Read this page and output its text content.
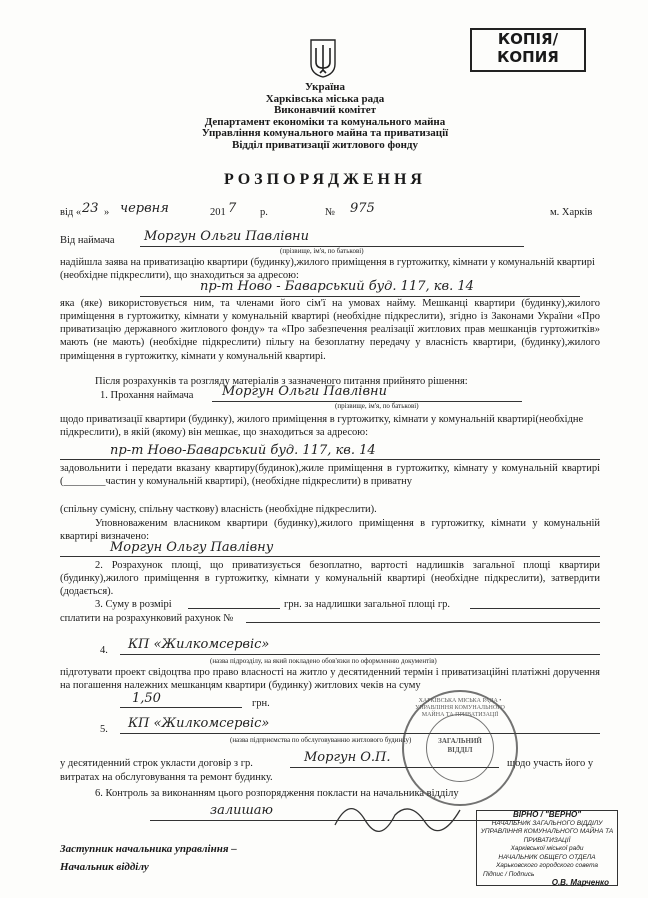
КОПІЯ/
КОПИЯ
Україна
Харківська міська рада
Виконавчий комітет
Департамент економіки та комунального майна
Управління комунального майна та приватизації
Відділ приватизації житлового фонду
РОЗПОРЯДЖЕННЯ
від « 23 » червня	201 7 р.	№ 975	м. Харків
Від наймача	Моргун Ольги Павлівни
(прізвище, ім'я, по батькові)
надійшла заява на приватизацію квартири (будинку),жилого приміщення в гуртожитку, кімнати у комунальній квартирі (необхідне підкреслити), що знаходиться за адресою:
пр-т Ново - Баварський буд. 117, кв. 14
яка (яке) використовується ним, та членами його сім'ї на умовах найму. Мешканці квартири (будинку),жилого приміщення в гуртожитку, кімнати у комунальній квартирі (необхідне підкреслити), згідно із Законами України «Про приватизацію державного житлового фонду» та «Про забезпечення реалізації житлових прав мешканців гуртожитків» мають (не мають) (необхідне підкреслити) пільгу на безоплатну передачу у власність квартири, (будинку),жилого приміщення в гуртожитку, кімнати у комунальній квартирі.
Після розрахунків та розгляду матеріалів з зазначеного питання прийнято рішення:
1. Прохання наймача	Моргун Ольги Павлівни
(прізвище, ім'я, по батькові)
щодо приватизації квартири (будинку), жилого приміщення в гуртожитку, кімнати у комунальній квартирі(необхідне підкреслити), в якій (якому) він мешкає, що знаходиться за адресою:
пр-т Ново-Баварський буд. 117, кв. 14
задовольнити і передати вказану квартиру(будинок),жиле приміщення в гуртожитку, кімнату у комунальній квартирі (________частин у комунальній квартирі), (необхідне підкреслити) в приватну
(спільну сумісну, спільну часткову) власність (необхідне підкреслити).
Уповноваженим власником квартири (будинку),жилого приміщення в гуртожитку, кімнати у комунальній квартирі визначено:
Моргун Ольгу Павлівну
2. Розрахунок площі, що приватизується безоплатно, вартості надлишків загальної площі квартири (будинку),жилого приміщення в гуртожитку, кімнати у комунальній квартирі (необхідне підкреслити), затвердити (додається).
3. Суму в розмірі	грн. за надлишки загальної площі гр.
сплатити на розрахунковий рахунок №
4.	КП «Жилкомсервіс»
(назва підрозділу, на який покладено обов'язки по оформленню документів)
підготувати проект свідоцтва про право власності на житло у десятиденний термін і приватизаційні платіжні доручення на погашення належних мешканцям квартири (будинку) житлових чеків на суму
1,50	грн.
5.	КП «Жилкомсервіс»
(назва підприємства по обслуговуванню житлового будинку)
у десятиденний строк укласти договір з гр.	Моргун О.П.	щодо участь його у
витратах на обслуговування та ремонт будинку.
6. Контроль за виконанням цього розпорядження покласти на начальника відділу
залишаю
Заступник начальника управління –
Начальник відділу
ХАРКІВСЬКА МІСЬКА РАДА • УПРАВЛІННЯ КОМУНАЛЬНОГО МАЙНА ТА ПРИВАТИЗАЦІЇ
ЗАГАЛЬНИЙ ВІДДІЛ
ВІРНО / "ВЕРНО"
НАЧАЛЬНИК ЗАГАЛЬНОГО ВІДДІЛУ
УПРАВЛІННЯ КОМУНАЛЬНОГО МАЙНА ТА ПРИВАТИЗАЦІЇ
Харківської міської ради
НАЧАЛЬНИК ОБЩЕГО ОТДЕЛА
Харьковского городского совета
Підпис / Подпись
О.В. Марченко
